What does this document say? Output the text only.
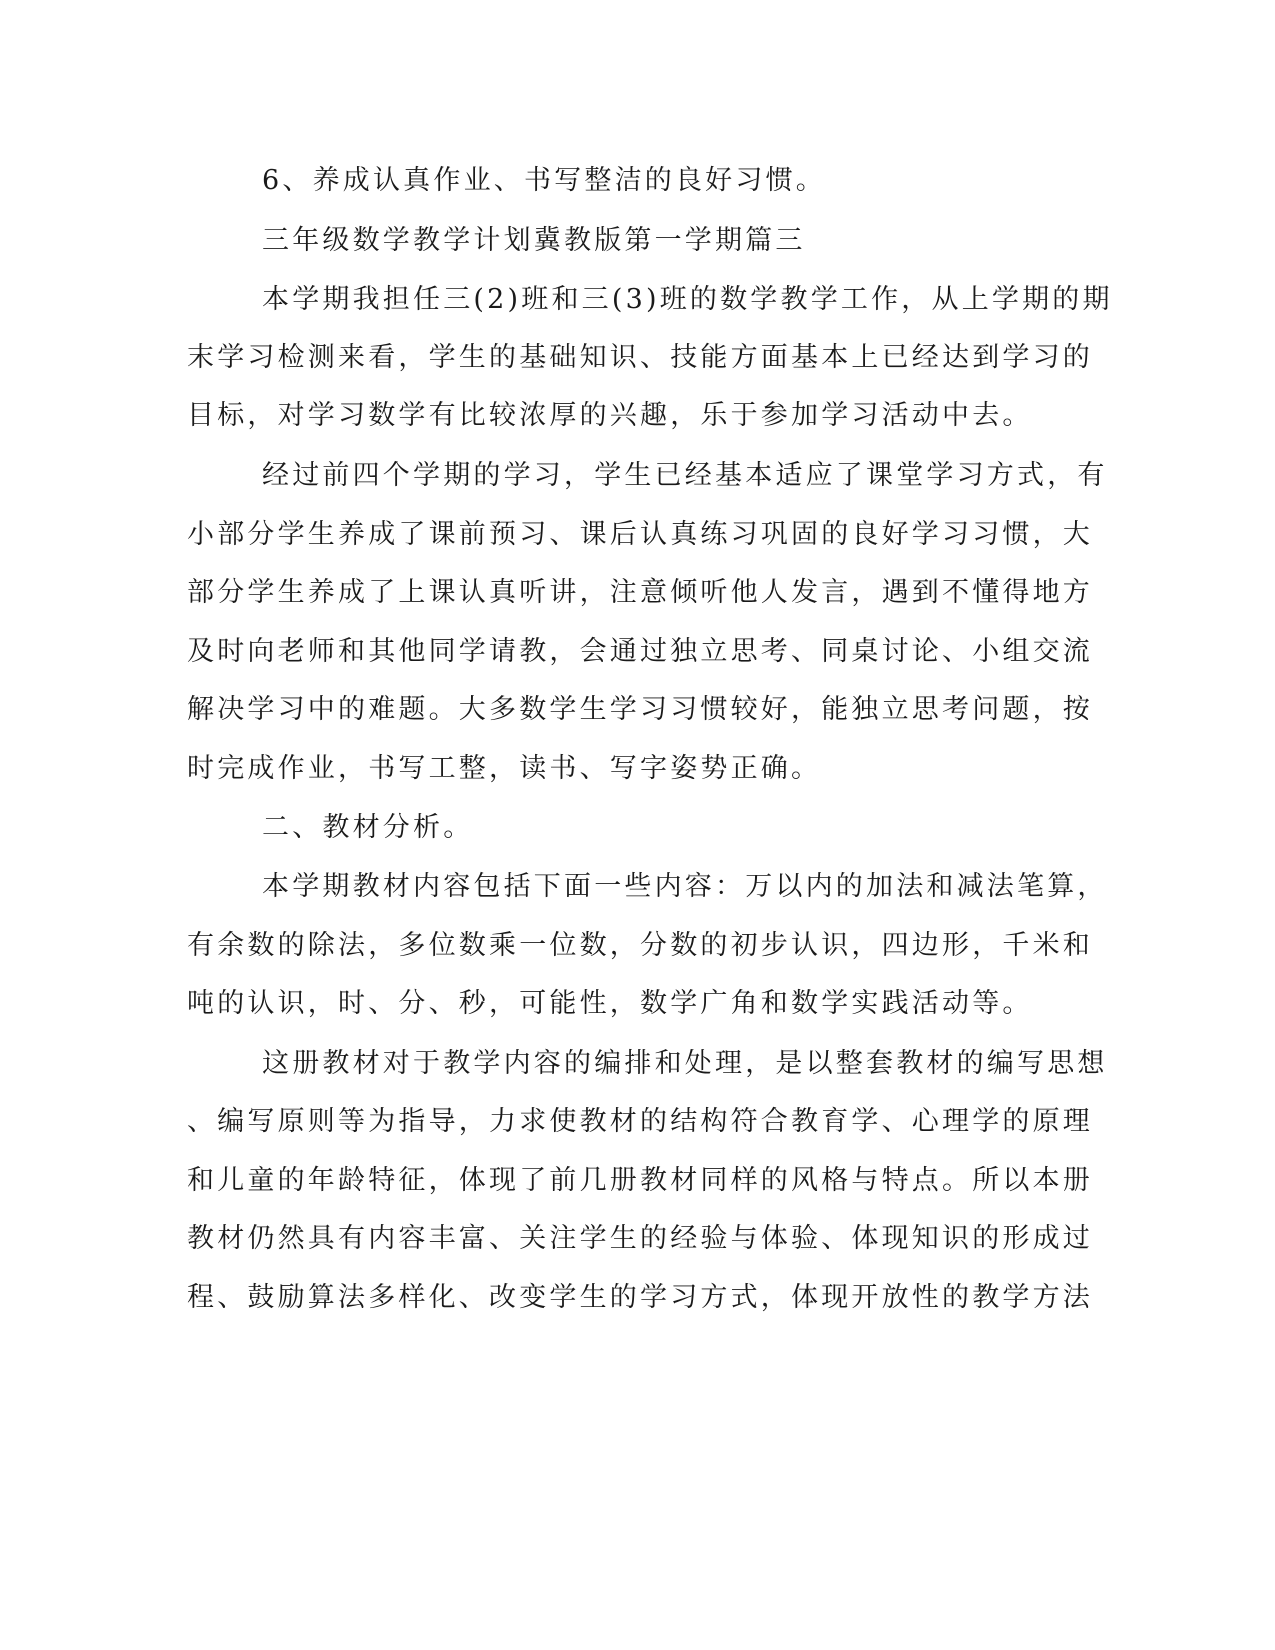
6、养成认真作业、书写整洁的良好习惯。
三年级数学教学计划冀教版第一学期篇三
本学期我担任三(2)班和三(3)班的数学教学工作，从上学期的期
末学习检测来看，学生的基础知识、技能方面基本上已经达到学习的
目标，对学习数学有比较浓厚的兴趣，乐于参加学习活动中去。
经过前四个学期的学习，学生已经基本适应了课堂学习方式，有
小部分学生养成了课前预习、课后认真练习巩固的良好学习习惯，大
部分学生养成了上课认真听讲，注意倾听他人发言，遇到不懂得地方
及时向老师和其他同学请教，会通过独立思考、同桌讨论、小组交流
解决学习中的难题。大多数学生学习习惯较好，能独立思考问题，按
时完成作业，书写工整，读书、写字姿势正确。
二、教材分析。
本学期教材内容包括下面一些内容：万以内的加法和减法笔算，
有余数的除法，多位数乘一位数，分数的初步认识，四边形，千米和
吨的认识，时、分、秒，可能性，数学广角和数学实践活动等。
这册教材对于教学内容的编排和处理，是以整套教材的编写思想
、编写原则等为指导，力求使教材的结构符合教育学、心理学的原理
和儿童的年龄特征，体现了前几册教材同样的风格与特点。所以本册
教材仍然具有内容丰富、关注学生的经验与体验、体现知识的形成过
程、鼓励算法多样化、改变学生的学习方式，体现开放性的教学方法
